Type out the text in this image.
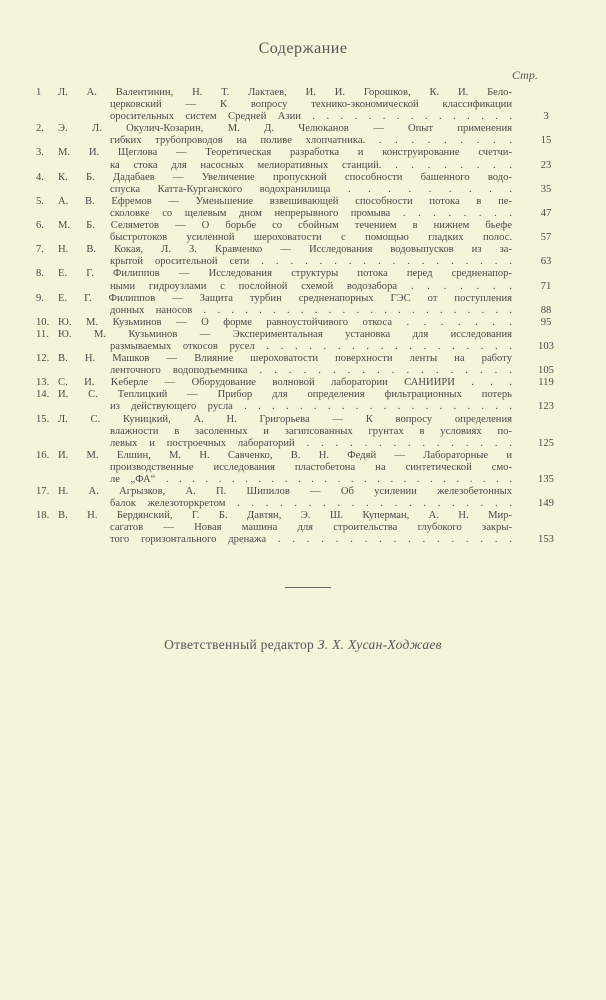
Содержание
Стр.
1	Л. А. Валентинин, Н. Т. Лактаев, И. И. Горошков, К. И. Бело-
церковский — К вопросу технико-экономической классификации
оросительных систем Средней Азии . . . . . . . . . . . . . . .	3
2.	Э. Л. Окулич-Козарин, М. Д. Челюканов — Опыт применения
гибких трубопроводов на поливе хлопчатника. . . . . . . . . .	15
3.	М. И. Щеглова — Теоретическая разработка и конструирование счетчи-
ка стока для насосных мелиоративных станций. . . . . . . . .	23
4.	К. Б. Дадабаев — Увеличение пропускной способности башенного водо-
спуска Катта-Курганского водохранилища . . . . . . . . .	35
5.	А. В. Ефремов — Уменьшение взвешивающей способности потока в пе-
сколовке со щелевым дном непрерывного промыва . . . . . . . .	47
6.	М. Б. Селяметов — О борьбе со сбойным течением в нижнем бьефе
быстротоков усиленной шероховатости с помощью гладких полос.	57
7.	Н. В. Кокая, Л. З. Кравченко — Исследования водовыпусков из за-
крытой оросительной сети . . . . . . . . . . . . . . . . . .	63
8.	Е. Г. Филиппов — Исследования структуры потока перед средненапор-
ными гидроузлами с послойной схемой водозабора . . . . . . .	71
9.	Е. Г. Филиппов — Защита турбин средненапорных ГЭС от поступления
донных наносов . . . . . . . . . . . . . . . . . . . . . . .	88
10. Ю. М. Кузьминов — О форме равноустойчивого откоса . . . . . . .	95
11. Ю. М. Кузьминов — Экспериментальная установка для исследования
размываемых откосов русел . . . . . . . . . . . . . . . . . .	103
12. В. Н. Машков — Влияние шероховатости поверхности ленты на работу
ленточного водоподъемника . . . . . . . . . . . . . . . . . .	105
13. С. И. Keберле — Оборудование волновой лаборатории САНИИРИ . . .	119
14. И. С. Теплицкий — Прибор для определения фильтрационных потерь
из действующего русла . . . . . . . . . . . . . . . . . . . .	123
15. Л. С. Куницкий, А. Н. Григорьева — К вопросу определения
влажности в засоленных и загипсованных грунтах в условиях по-
левых и построечных лабораторий . . . . . . . . . . . . . . .	125
16. И. М. Елшин, М. Н. Савченко, В. Н. Федяй — Лабораторные и
производственные исследования пластобетона на синтетической смо-
ле „ФА“ . . . . . . . . . . . . . . . . . . . . . . . . . . .	135
17. Н. А. Агрызков, А. П. Шипилов — Об усилении железобетонных
балок железоторкретом . . . . . . . . . . . . . . . . . . . .	149
18. В. Н. Бердянский, Г. Б. Давтян, Э. Ш. Куперман, А. Н. Мир-
сагатов — Новая машина для строительства глубокого закры-
того горизонтального дренажа . . . . . . . . . . . . . . . . .	153
Ответственный редактор З. Х. Хусан-Ходжаев
